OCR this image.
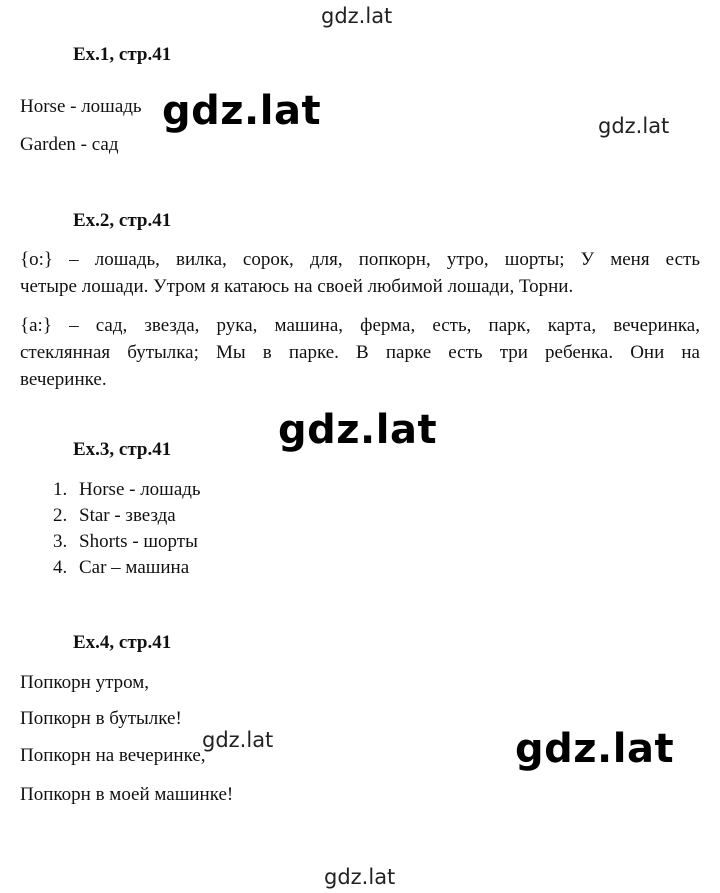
gdz.lat
gdz.lat	gdz.lat
gdz.lat
gdz.lat	gdz.lat
gdz.lat
Ex.1, стр.41
Horse - лошадь
Garden - сад
Ex.2, стр.41
{o:} – лошадь, вилка, сорок, для, попкорн, утро, шорты; У меня есть
четыре лошади. Утром я катаюсь на своей любимой лошади, Торни.
{a:} – сад, звезда, рука, машина, ферма, есть, парк, карта, вечеринка,
стеклянная бутылка; Мы в парке. В парке есть три ребенка. Они на
вечеринке.
Ex.3, стр.41
1. Horse - лошадь
2. Star - звезда
3. Shorts - шорты
4. Car – машина
Ex.4, стр.41
Попкорн утром,
Попкорн в бутылке!
Попкорн на вечеринке,
Попкорн в моей машинке!
